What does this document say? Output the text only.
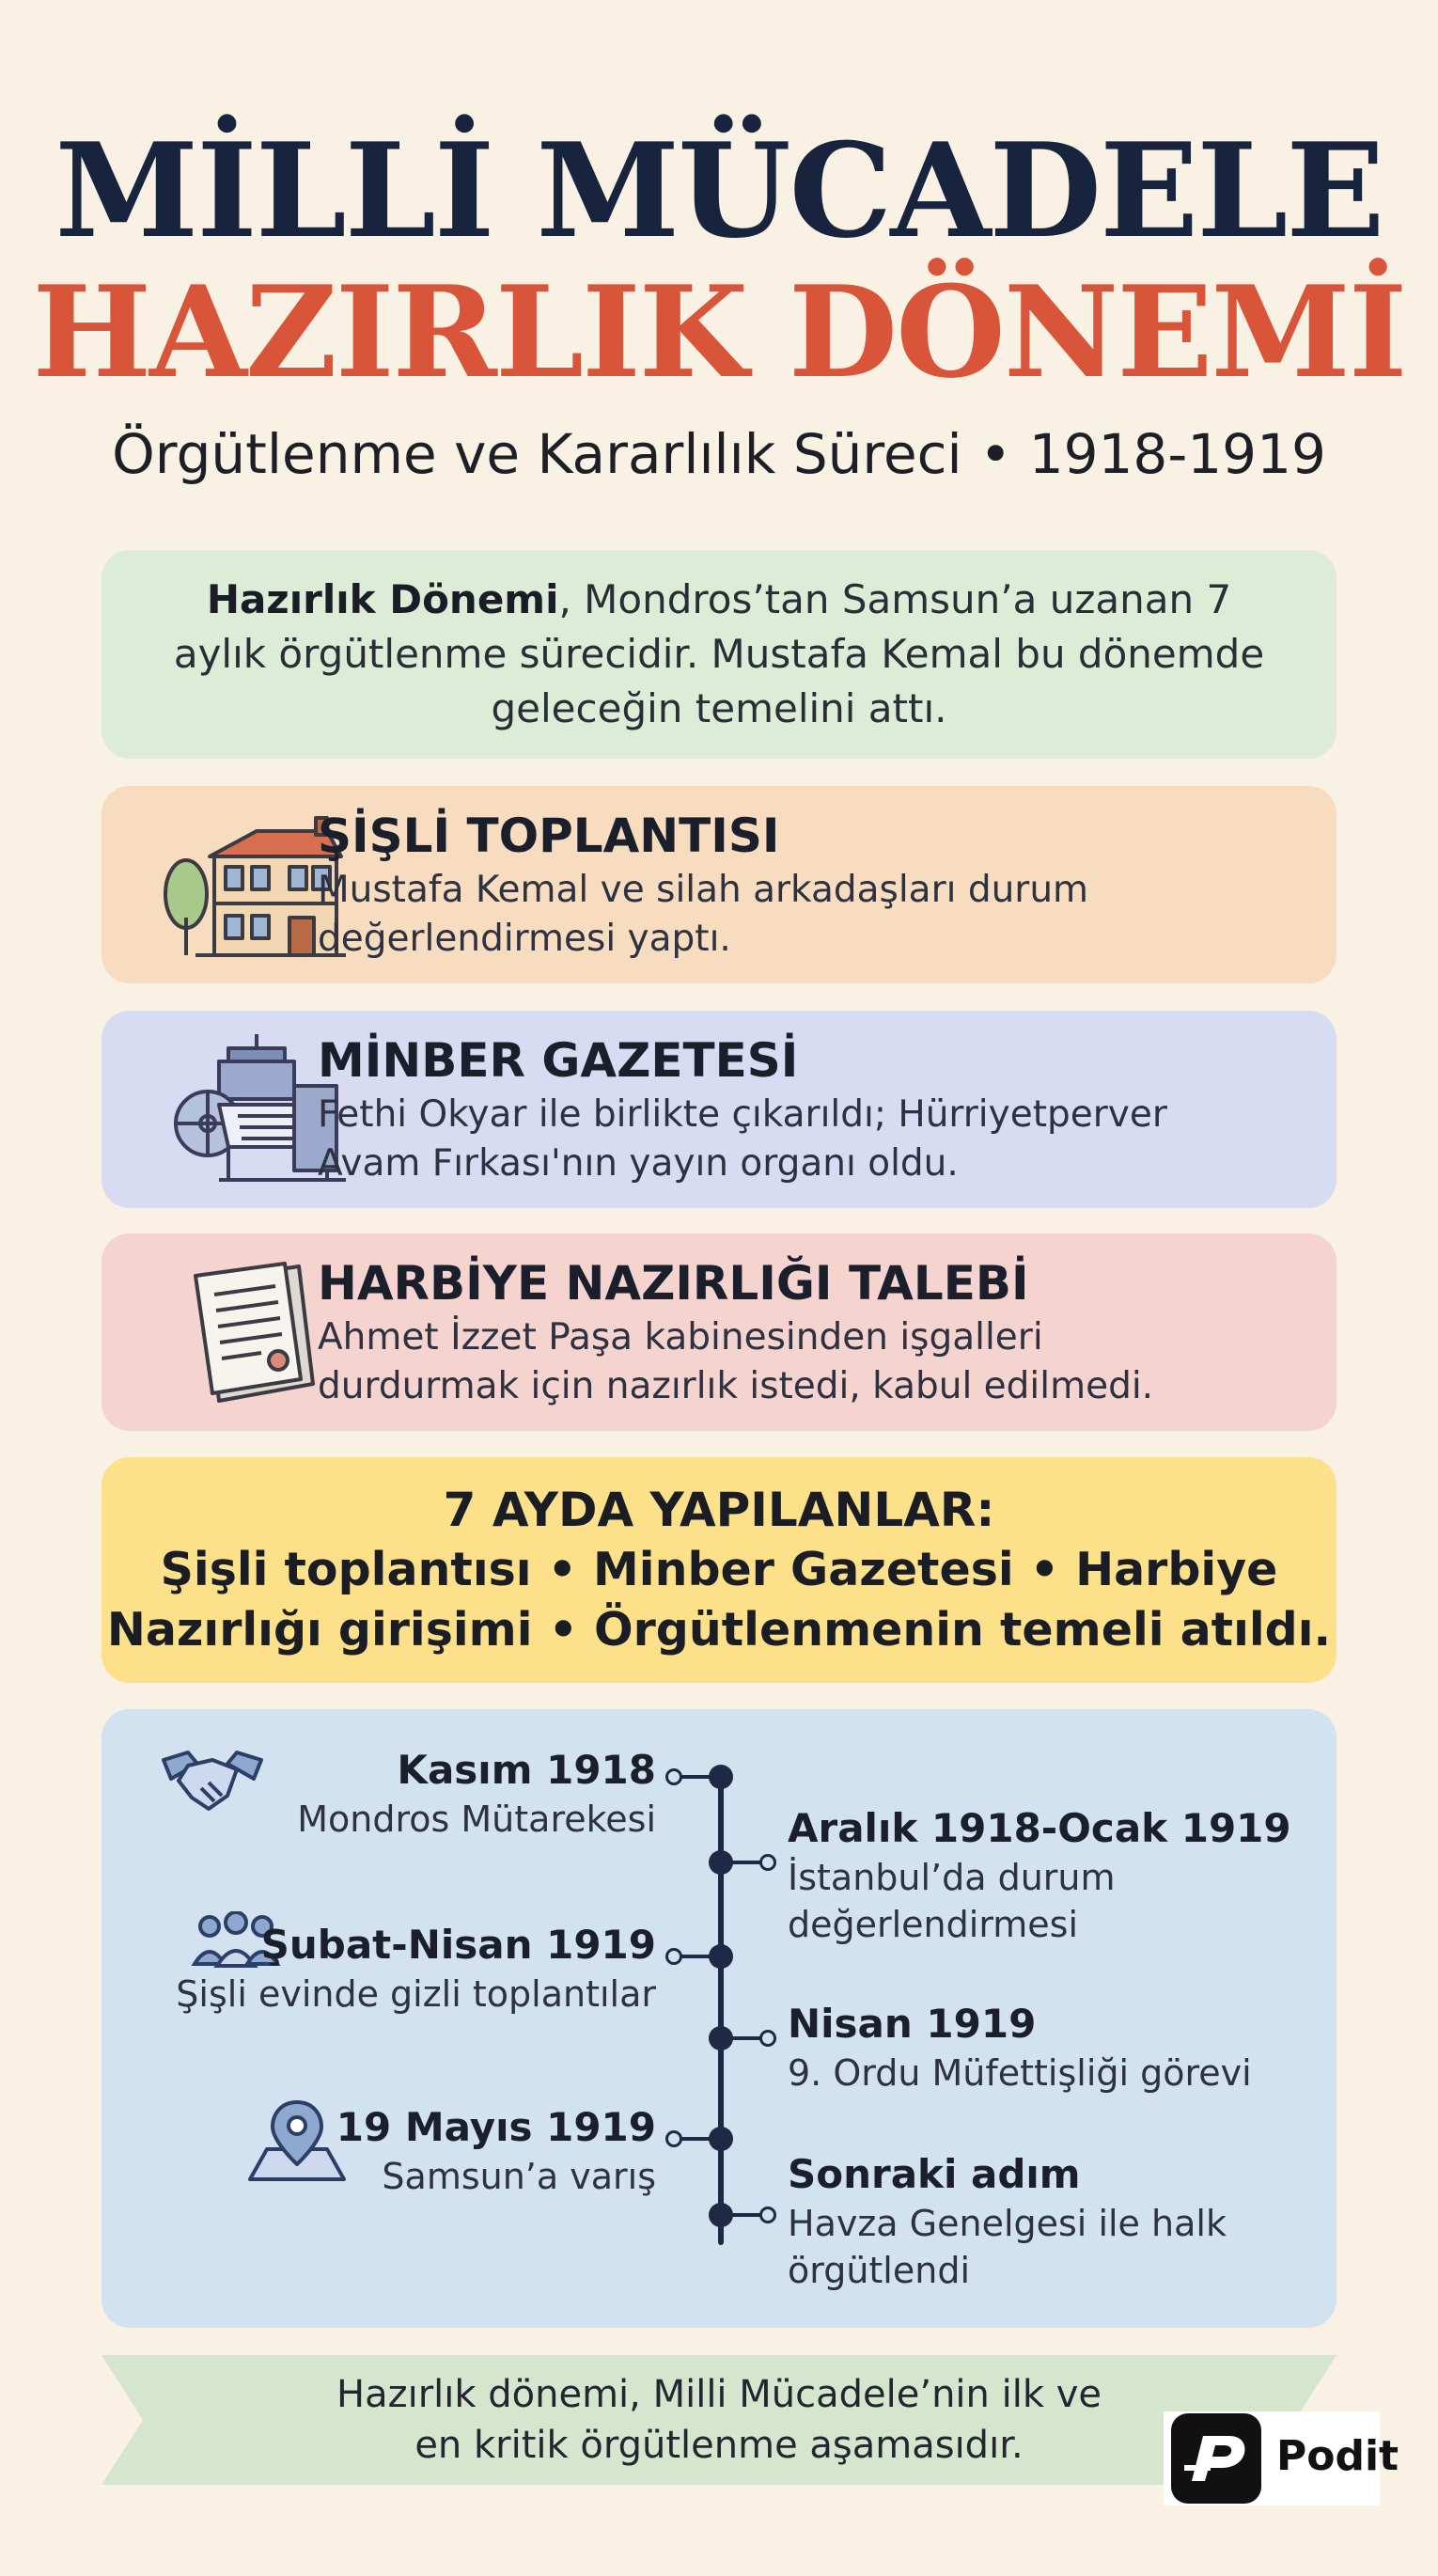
MİLLİ MÜCADELE
HAZIRLIK DÖNEMİ
Örgütlenme ve Kararlılık Süreci • 1918-1919

Hazırlık Dönemi, Mondros’tan Samsun’a uzanan 7 aylık örgütlenme sürecidir. Mustafa Kemal bu dönemde geleceğin temelini attı.

ŞİŞLİ TOPLANTISI
Mustafa Kemal ve silah arkadaşları durum
değerlendirmesi yaptı.
MİNBER GAZETESİ
Fethi Okyar ile birlikte çıkarıldı; Hürriyetperver
Avam Fırkası'nın yayın organı oldu.
HARBİYE NAZIRLIĞI TALEBİ
Ahmet İzzet Paşa kabinesinden işgalleri
durdurmak için nazırlık istedi, kabul edilmedi.
7 AYDA YAPILANLAR:
Şişli toplantısı • Minber Gazetesi • Harbiye
Nazırlığı girişimi • Örgütlenmenin temeli atıldı.
Kasım 1918
Mondros Mütarekesi
Şubat-Nisan 1919
Şişli evinde gizli toplantılar
19 Mayıs 1919
Samsun’a varış
Aralık 1918-Ocak 1919
İstanbul’da durum
değerlendirmesi
Nisan 1919
9. Ordu Müfettişliği görevi
Sonraki adım
Havza Genelgesi ile halk
örgütlendi
Hazırlık dönemi, Milli Mücadele’nin ilk ve
en kritik örgütlenme aşamasıdır.	Podit
